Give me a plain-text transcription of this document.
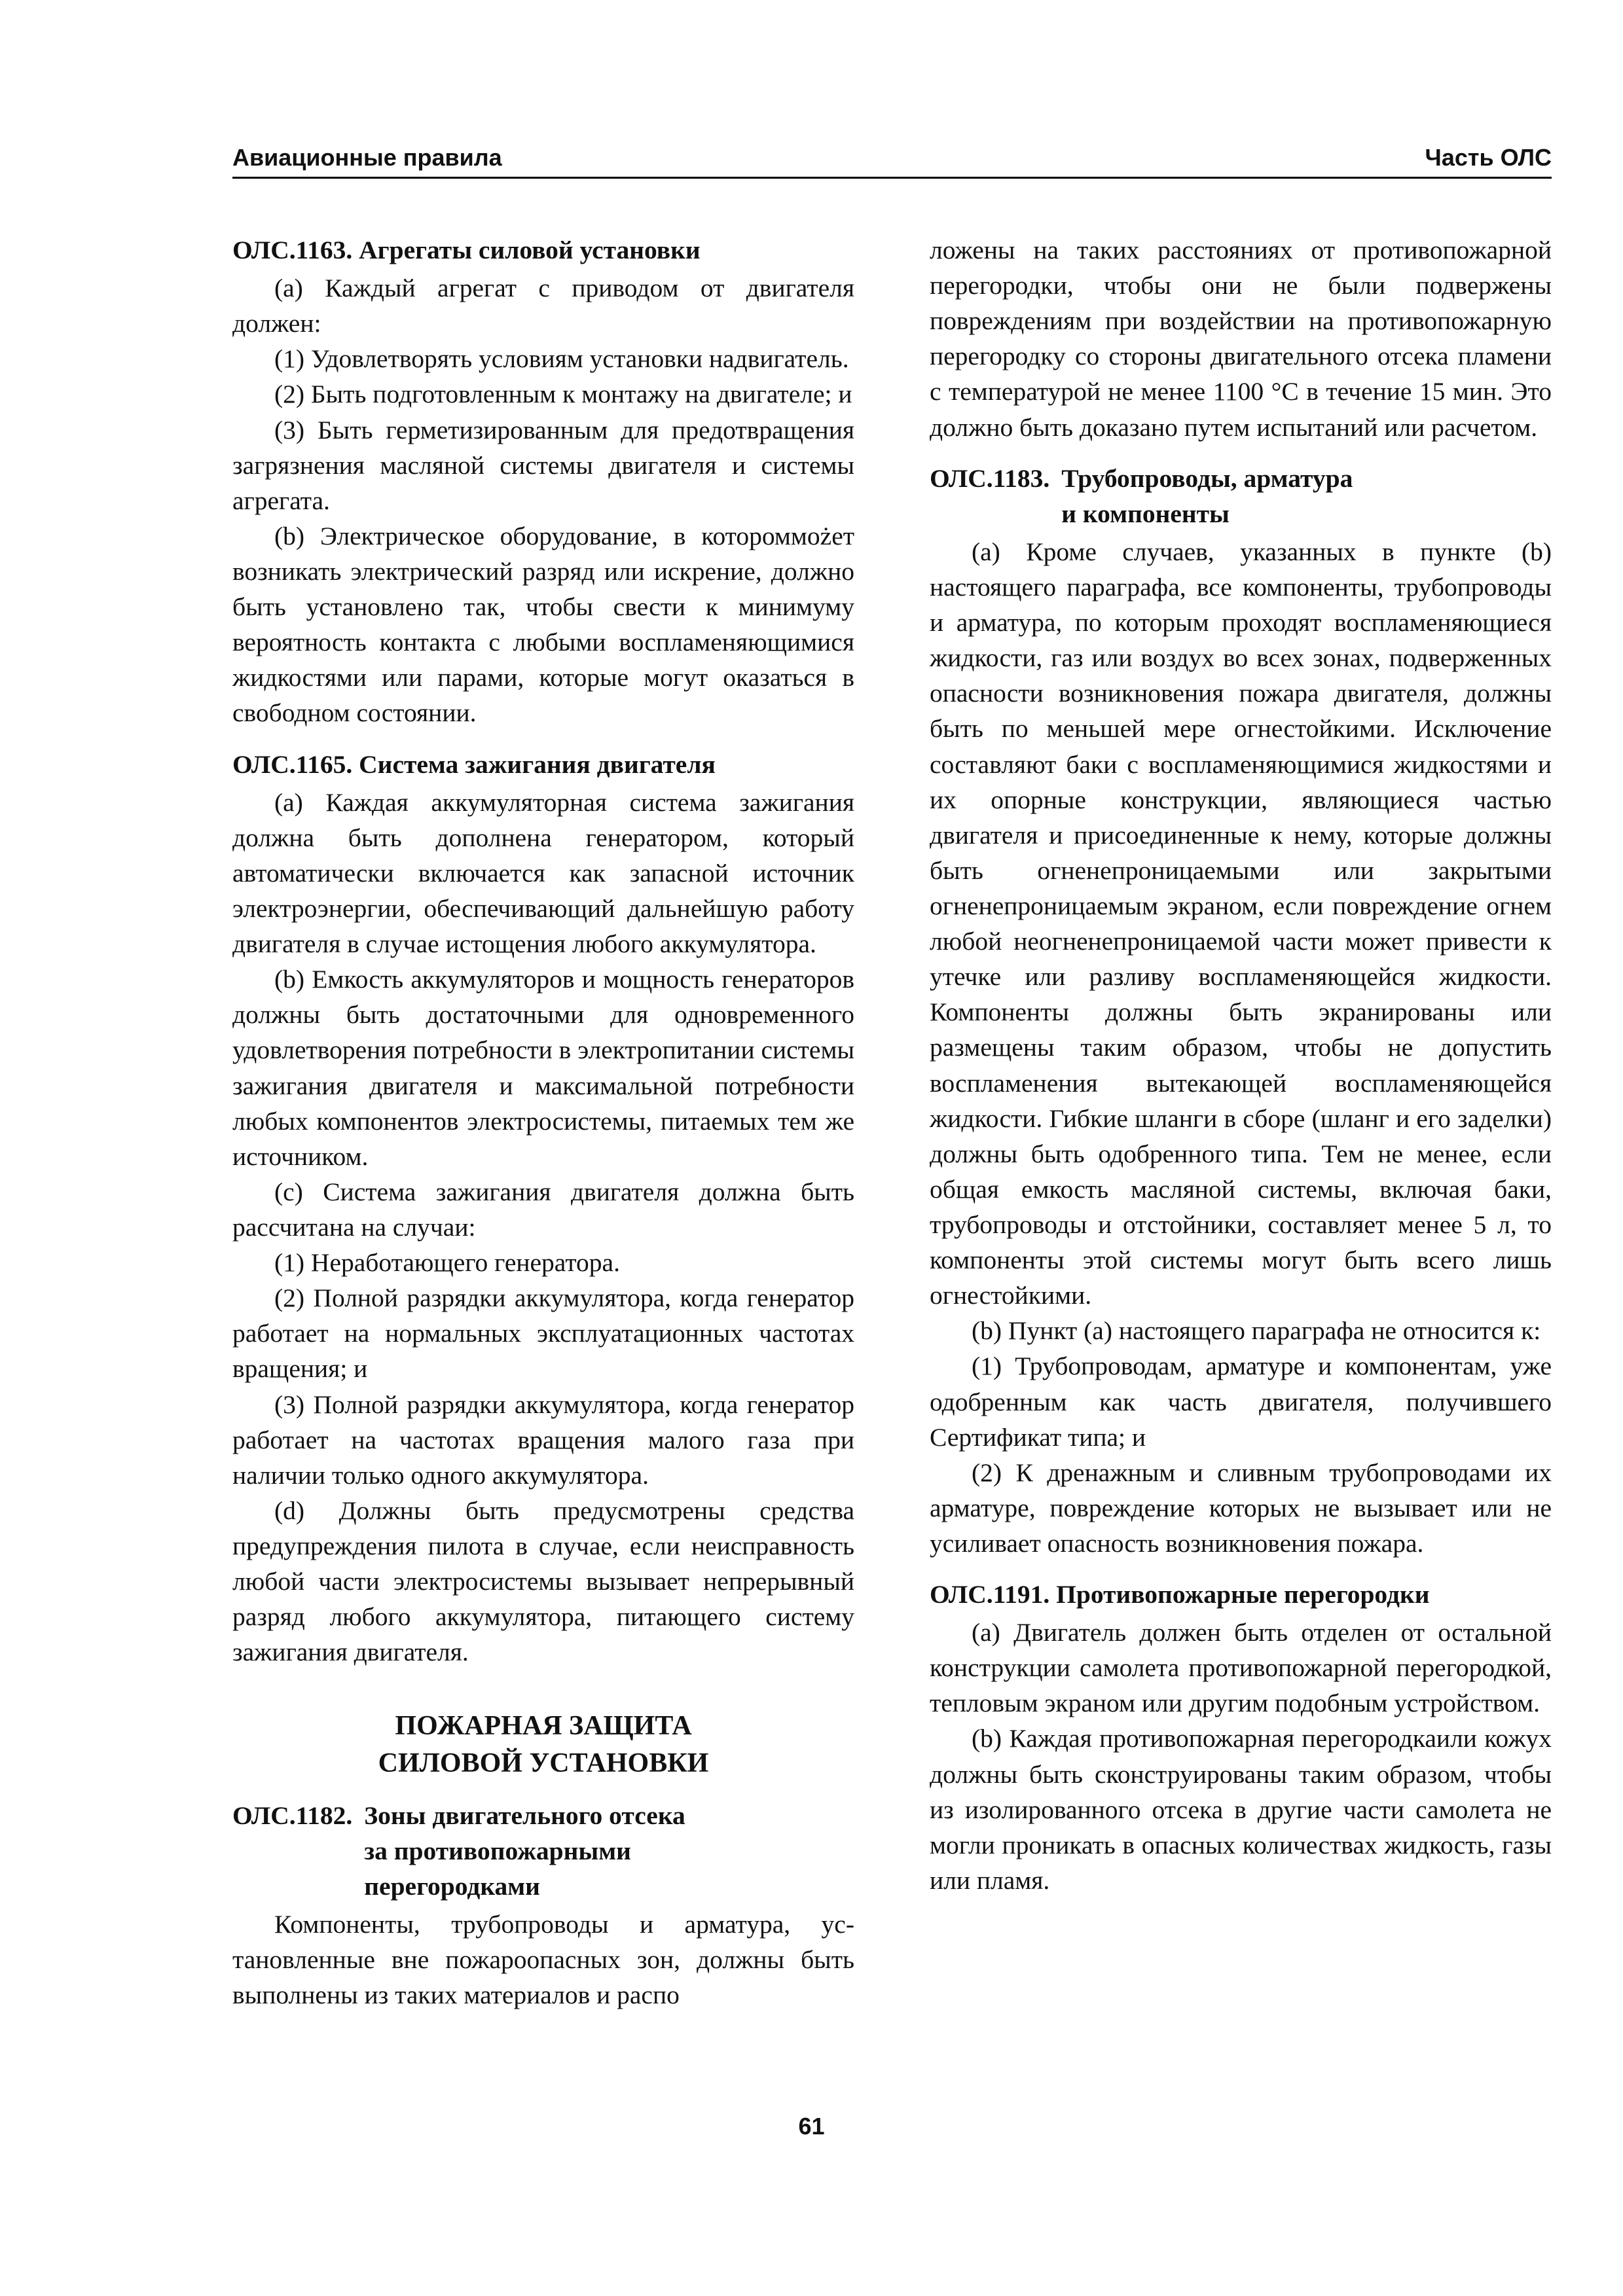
Авиационные правила	Часть ОЛС
ОЛС.1163. Агрегаты силовой установки

(a) Каждый агрегат с приводом от двигателя должен:

(1) Удовлетворять условиям установки надвигатель.

(2) Быть подготовленным к монтажу на двигателе; и

(3) Быть герметизированным для предотвращения загрязнения масляной системы двигателя и системы агрегата.

(b) Электрическое оборудование, в котороммożет возникать электрический разряд или искрение, должно быть установлено так, чтобы свести к минимуму вероятность контакта с любыми воспламеняющимися жидкостями или парами, которые могут оказаться в свободном состоянии.

ОЛС.1165. Система зажигания двигателя

(a) Каждая аккумуляторная система зажигания должна быть дополнена генератором, который автоматически включается как запасной источник электроэнергии, обеспечивающий дальнейшую работу двигателя в случае истощения любого аккумулятора.

(b) Емкость аккумуляторов и мощность генераторов должны быть достаточными для одновременного удовлетворения потребности в электропитании системы зажигания двигателя и максимальной потребности любых компонентов электросистемы, питаемых тем же источником.

(c) Система зажигания двигателя должна быть рассчитана на случаи:

(1) Неработающего генератора.

(2) Полной разрядки аккумулятора, когда генератор работает на нормальных эксплуатационных частотах вращения; и

(3) Полной разрядки аккумулятора, когда генератор работает на частотах вращения малого газа при наличии только одного аккумулятора.

(d) Должны быть предусмотрены средства предупреждения пилота в случае, если неисправность любой части электросистемы вызывает непрерывный разряд любого аккумулятора, питающего систему зажигания двигателя.

ПОЖАРНАЯ ЗАЩИТА
СИЛОВОЙ УСТАНОВКИ
ОЛС.1182. Зоны двигательного отсека
за противопожарными
перегородками

Компоненты, трубопроводы и арматура, установленные вне пожароопасных зон, должны быть выполнены из таких материалов и распо

ложены на таких расстояниях от противопожарной перегородки, чтобы они не были подвержены повреждениям при воздействии на противопожарную перегородку со стороны двигательного отсека пламени с температурой не менее 1100 °С в течение 15 мин. Это должно быть доказано путем испытаний или расчетом.

ОЛС.1183. Трубопроводы, арматура
и компоненты

(a) Кроме случаев, указанных в пункте (b) настоящего параграфа, все компоненты, трубопроводы и арматура, по которым проходят воспламеняющиеся жидкости, газ или воздух во всех зонах, подверженных опасности возникновения пожара двигателя, должны быть по меньшей мере огнестойкими. Исключение составляют баки с воспламеняющимися жидкостями и их опорные конструкции, являющиеся частью двигателя и присоединенные к нему, которые должны быть огненепроницаемыми или закрытыми огненепроницаемым экраном, если повреждение огнем любой неогненепроницаемой части может привести к утечке или разливу воспламеняющейся жидкости. Компоненты должны быть экранированы или размещены таким образом, чтобы не допустить воспламенения вытекающей воспламеняющейся жидкости. Гибкие шланги в сборе (шланг и его заделки) должны быть одобренного типа. Тем не менее, если общая емкость масляной системы, включая баки, трубопроводы и отстойники, составляет менее 5 л, то компоненты этой системы могут быть всего лишь огнестойкими.

(b) Пункт (a) настоящего параграфа не относится к:

(1) Трубопроводам, арматуре и компонентам, уже одобренным как часть двигателя, получившего Сертификат типа; и

(2) К дренажным и сливным трубопроводами их арматуре, повреждение которых не вызывает или не усиливает опасность возникновения пожара.

ОЛС.1191. Противопожарные перегородки

(a) Двигатель должен быть отделен от остальной конструкции самолета противопожарной перегородкой, тепловым экраном или другим подобным устройством.

(b) Каждая противопожарная перегородкаили кожух должны быть сконструированы таким образом, чтобы из изолированного отсека в другие части самолета не могли проникать в опасных количествах жидкость, газы или пламя.

61
